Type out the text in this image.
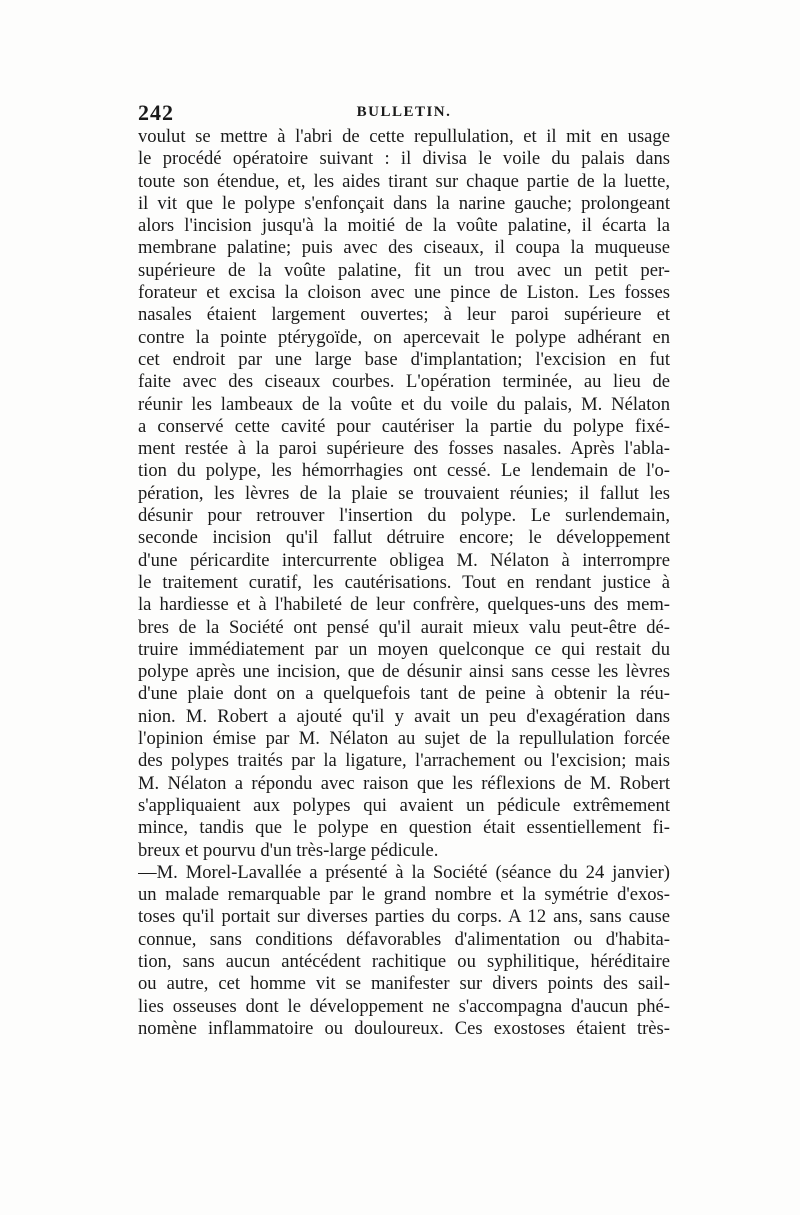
242	BULLETIN.
voulut se mettre à l'abri de cette repullulation, et il mit en usage
le procédé opératoire suivant : il divisa le voile du palais dans
toute son étendue, et, les aides tirant sur chaque partie de la luette,
il vit que le polype s'enfonçait dans la narine gauche; prolongeant
alors l'incision jusqu'à la moitié de la voûte palatine, il écarta la
membrane palatine; puis avec des ciseaux, il coupa la muqueuse
supérieure de la voûte palatine, fit un trou avec un petit per-
forateur et excisa la cloison avec une pince de Liston. Les fosses
nasales étaient largement ouvertes; à leur paroi supérieure et
contre la pointe ptérygoïde, on apercevait le polype adhérant en
cet endroit par une large base d'implantation; l'excision en fut
faite avec des ciseaux courbes. L'opération terminée, au lieu de
réunir les lambeaux de la voûte et du voile du palais, M. Nélaton
a conservé cette cavité pour cautériser la partie du polype fixé-
ment restée à la paroi supérieure des fosses nasales. Après l'abla-
tion du polype, les hémorrhagies ont cessé. Le lendemain de l'o-
pération, les lèvres de la plaie se trouvaient réunies; il fallut les
désunir pour retrouver l'insertion du polype. Le surlendemain,
seconde incision qu'il fallut détruire encore; le développement
d'une péricardite intercurrente obligea M. Nélaton à interrompre
le traitement curatif, les cautérisations. Tout en rendant justice à
la hardiesse et à l'habileté de leur confrère, quelques-uns des mem-
bres de la Société ont pensé qu'il aurait mieux valu peut-être dé-
truire immédiatement par un moyen quelconque ce qui restait du
polype après une incision, que de désunir ainsi sans cesse les lèvres
d'une plaie dont on a quelquefois tant de peine à obtenir la réu-
nion. M. Robert a ajouté qu'il y avait un peu d'exagération dans
l'opinion émise par M. Nélaton au sujet de la repullulation forcée
des polypes traités par la ligature, l'arrachement ou l'excision; mais
M. Nélaton a répondu avec raison que les réflexions de M. Robert
s'appliquaient aux polypes qui avaient un pédicule extrêmement
mince, tandis que le polype en question était essentiellement fi-
breux et pourvu d'un très-large pédicule.
—M. Morel-Lavallée a présenté à la Société (séance du 24 janvier)
un malade remarquable par le grand nombre et la symétrie d'exos-
toses qu'il portait sur diverses parties du corps. A 12 ans, sans cause
connue, sans conditions défavorables d'alimentation ou d'habita-
tion, sans aucun antécédent rachitique ou syphilitique, héréditaire
ou autre, cet homme vit se manifester sur divers points des sail-
lies osseuses dont le développement ne s'accompagna d'aucun phé-
nomène inflammatoire ou douloureux. Ces exostoses étaient très-
